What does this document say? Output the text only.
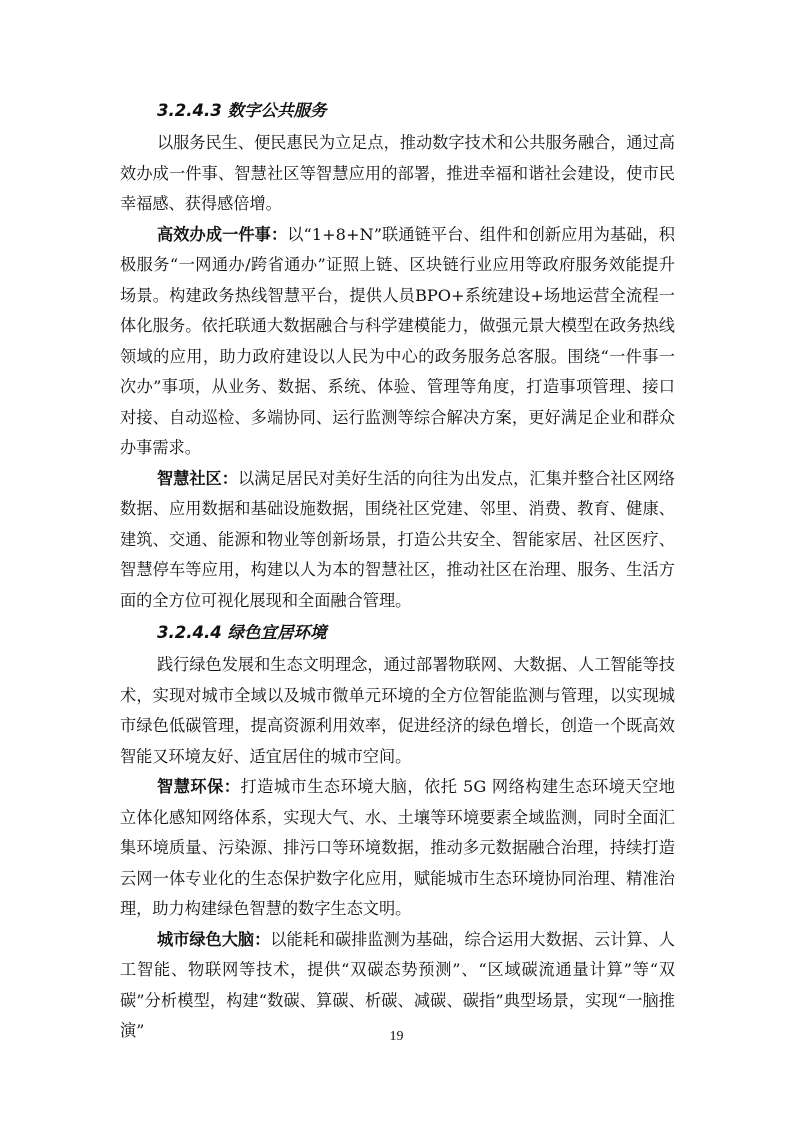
3.2.4.3 数字公共服务

以服务民生、便民惠民为立足点，推动数字技术和公共服务融合，通过高效办成一件事、智慧社区等智慧应用的部署，推进幸福和谐社会建设，使市民幸福感、获得感倍增。

高效办成一件事：以“1+8+N”联通链平台、组件和创新应用为基础，积极服务“一网通办/跨省通办”证照上链、区块链行业应用等政府服务效能提升场景。构建政务热线智慧平台，提供人员BPO+系统建设+场地运营全流程一体化服务。依托联通大数据融合与科学建模能力，做强元景大模型在政务热线领域的应用，助力政府建设以人民为中心的政务服务总客服。围绕“一件事一次办”事项，从业务、数据、系统、体验、管理等角度，打造事项管理、接口对接、自动巡检、多端协同、运行监测等综合解决方案，更好满足企业和群众办事需求。

智慧社区：以满足居民对美好生活的向往为出发点，汇集并整合社区网络数据、应用数据和基础设施数据，围绕社区党建、邻里、消费、教育、健康、建筑、交通、能源和物业等创新场景，打造公共安全、智能家居、社区医疗、智慧停车等应用，构建以人为本的智慧社区，推动社区在治理、服务、生活方面的全方位可视化展现和全面融合管理。

3.2.4.4 绿色宜居环境

践行绿色发展和生态文明理念，通过部署物联网、大数据、人工智能等技术，实现对城市全域以及城市微单元环境的全方位智能监测与管理，以实现城市绿色低碳管理，提高资源利用效率，促进经济的绿色增长，创造一个既高效智能又环境友好、适宜居住的城市空间。

智慧环保：打造城市生态环境大脑，依托 5G 网络构建生态环境天空地立体化感知网络体系，实现大气、水、土壤等环境要素全域监测，同时全面汇集环境质量、污染源、排污口等环境数据，推动多元数据融合治理，持续打造云网一体专业化的生态保护数字化应用，赋能城市生态环境协同治理、精准治理，助力构建绿色智慧的数字生态文明。

城市绿色大脑：以能耗和碳排监测为基础，综合运用大数据、云计算、人工智能、物联网等技术，提供“双碳态势预测”、“区域碳流通量计算”等“双碳”分析模型，构建“数碳、算碳、析碳、减碳、碳指”典型场景，实现“一脑推演”	19
